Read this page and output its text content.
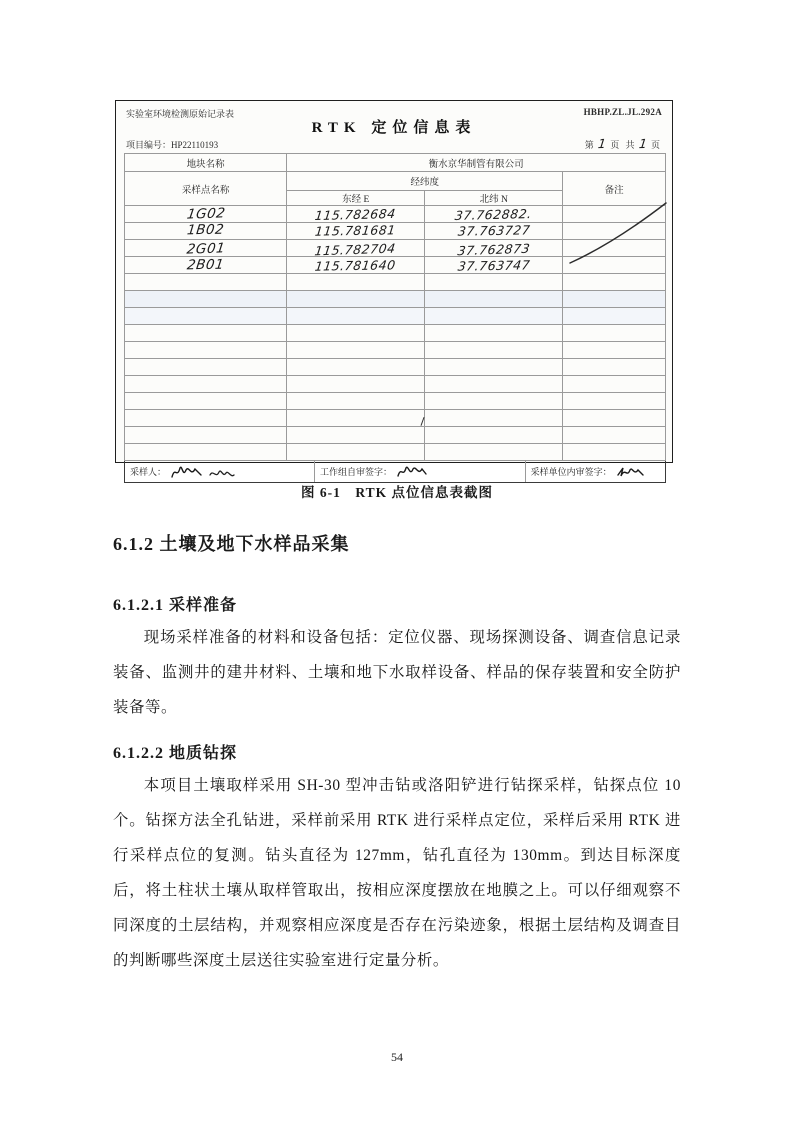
实验室环境检测原始记录表	HBHP.ZL.JL.292A
RTK 定位信息表
项目编号：HP22110193	第 1 页 共 1 页
地块名称	衡水京华制管有限公司		
采样点名称	经纬度		备注
	东经 E	北纬 N	
1G02	115.782684	37.762882.	
1B02	115.781681	37.763727	
2G01	115.782704	37.762873	
2B01	115.781640	37.763747	

采样人：	工作组自审签字：	采样单位内审签字：
图 6-1　RTK 点位信息表截图
6.1.2 土壤及地下水样品采集
6.1.2.1 采样准备

现场采样准备的材料和设备包括：定位仪器、现场探测设备、调查信息记录装备、监测井的建井材料、土壤和地下水取样设备、样品的保存装置和安全防护装备等。

6.1.2.2 地质钻探

本项目土壤取样采用 SH-30 型冲击钻或洛阳铲进行钻探采样，钻探点位 10 个。钻探方法全孔钻进，采样前采用 RTK 进行采样点定位，采样后采用 RTK 进行采样点位的复测。钻头直径为 127mm，钻孔直径为 130mm。到达目标深度后，将土柱状土壤从取样管取出，按相应深度摆放在地膜之上。可以仔细观察不同深度的土层结构，并观察相应深度是否存在污染迹象，根据土层结构及调查目的判断哪些深度土层送往实验室进行定量分析。

54
